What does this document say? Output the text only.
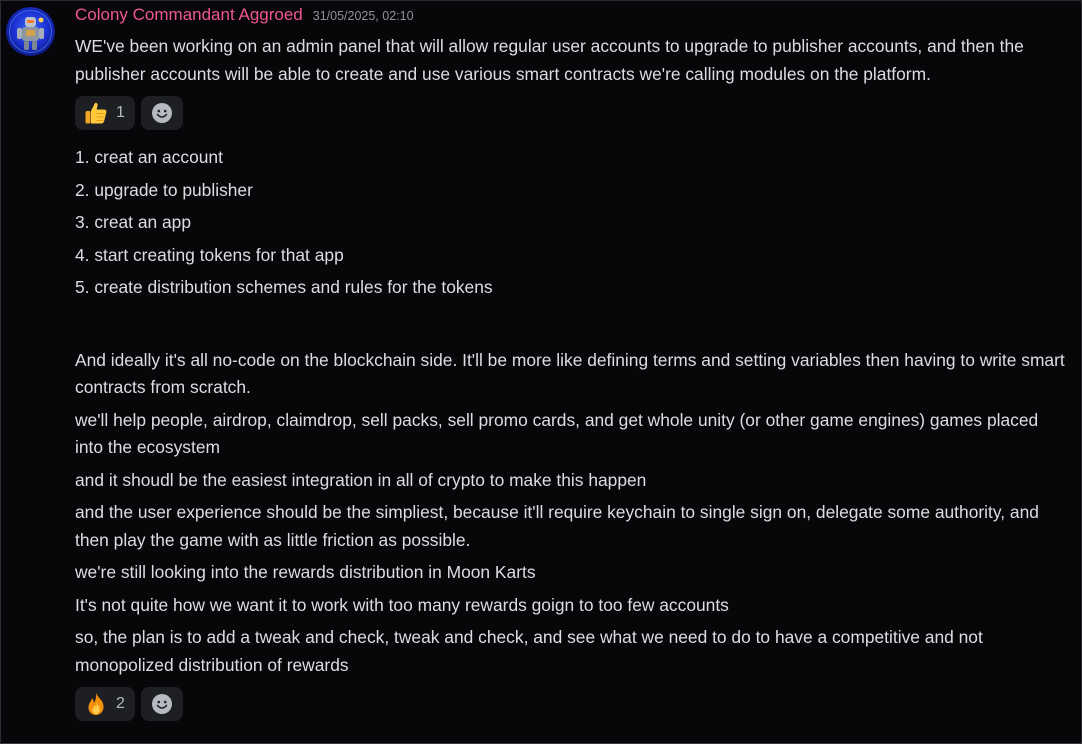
Colony Commandant Aggroed 31/05/2025, 02:10

WE've been working on an admin panel that will allow regular user accounts to upgrade to publisher accounts, and then the publisher accounts will be able to create and use various smart contracts we're calling modules on the platform.

1
1. creat an account
2. upgrade to publisher
3. creat an app
4. start creating tokens for that app
5. create distribution schemes and rules for the tokens

And ideally it's all no-code on the blockchain side. It'll be more like defining terms and setting variables then having to write smart contracts from scratch.

we'll help people, airdrop, claimdrop, sell packs, sell promo cards, and get whole unity (or other game engines) games placed into the ecosystem

and it shoudl be the easiest integration in all of crypto to make this happen

and the user experience should be the simpliest, because it'll require keychain to single sign on, delegate some authority, and then play the game with as little friction as possible.

we're still looking into the rewards distribution in Moon Karts

It's not quite how we want it to work with too many rewards goign to too few accounts

so, the plan is to add a tweak and check, tweak and check, and see what we need to do to have a competitive and not monopolized distribution of rewards

2
